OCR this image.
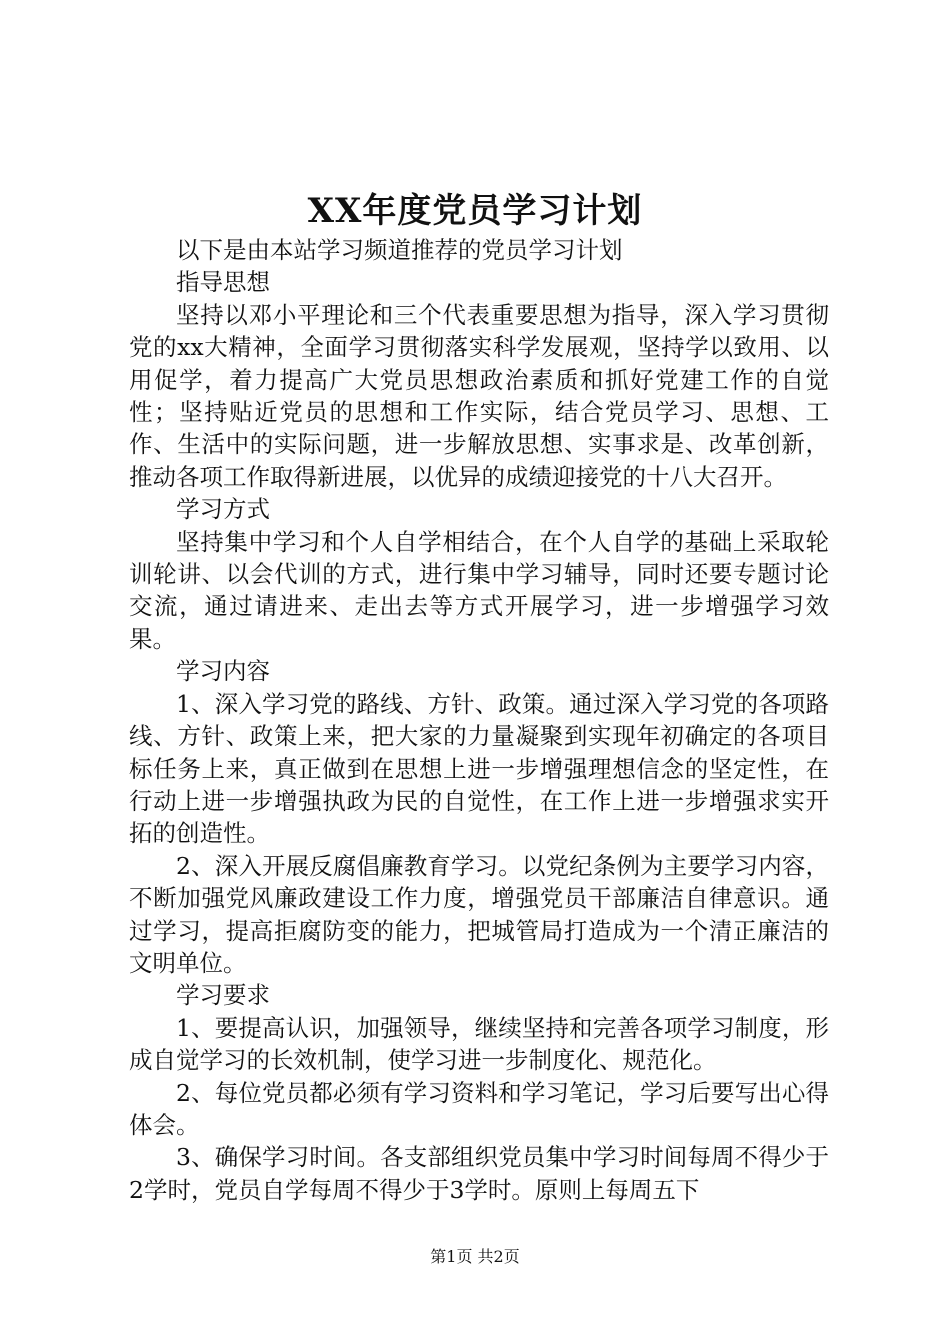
XX年度党员学习计划

以下是由本站学习频道推荐的党员学习计划

指导思想

坚持以邓小平理论和三个代表重要思想为指导，深入学习贯彻党的xx大精神，全面学习贯彻落实科学发展观，坚持学以致用、以用促学，着力提高广大党员思想政治素质和抓好党建工作的自觉性；坚持贴近党员的思想和工作实际，结合党员学习、思想、工作、生活中的实际问题，进一步解放思想、实事求是、改革创新，推动各项工作取得新进展，以优异的成绩迎接党的十八大召开。

学习方式

坚持集中学习和个人自学相结合，在个人自学的基础上采取轮训轮讲、以会代训的方式，进行集中学习辅导，同时还要专题讨论交流，通过请进来、走出去等方式开展学习，进一步增强学习效果。

学习内容

1、深入学习党的路线、方针、政策。通过深入学习党的各项路线、方针、政策上来，把大家的力量凝聚到实现年初确定的各项目标任务上来，真正做到在思想上进一步增强理想信念的坚定性，在行动上进一步增强执政为民的自觉性，在工作上进一步增强求实开拓的创造性。

2、深入开展反腐倡廉教育学习。以党纪条例为主要学习内容，不断加强党风廉政建设工作力度，增强党员干部廉洁自律意识。通过学习，提高拒腐防变的能力，把城管局打造成为一个清正廉洁的文明单位。

学习要求

1、要提高认识，加强领导，继续坚持和完善各项学习制度，形成自觉学习的长效机制，使学习进一步制度化、规范化。

2、每位党员都必须有学习资料和学习笔记，学习后要写出心得体会。

3、确保学习时间。各支部组织党员集中学习时间每周不得少于2学时，党员自学每周不得少于3学时。原则上每周五下

第1页 共2页
